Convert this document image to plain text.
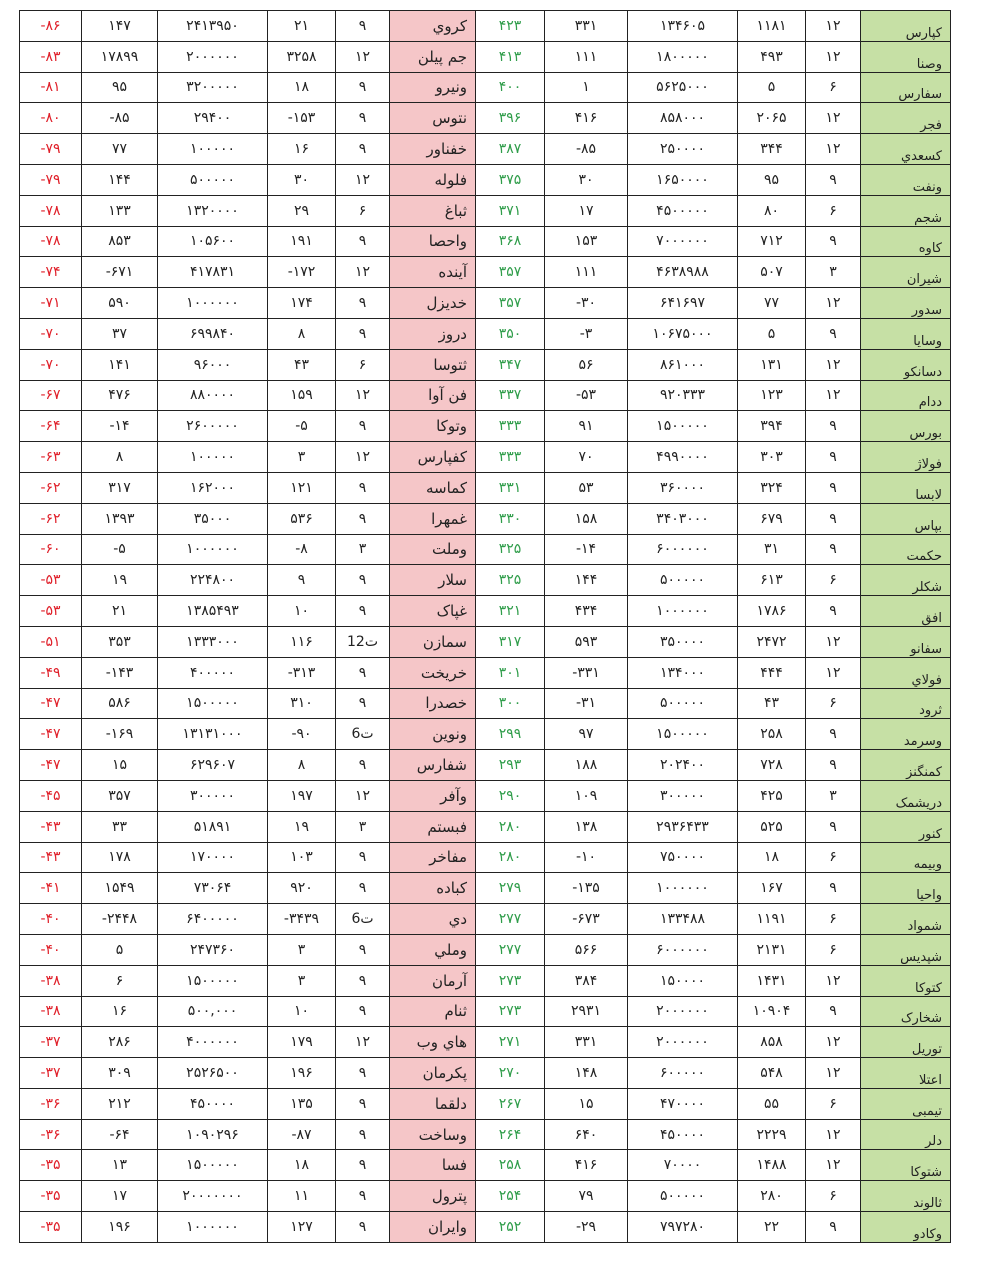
-۸۶	۱۴۷	۲۴۱۳۹۵۰	۲۱	۹	کروي	۴۲۳	۳۳۱	۱۳۴۶۰۵	۱۱۸۱	۱۲	کپارس
-۸۳	۱۷۸۹۹	۲۰۰۰۰۰۰	۳۲۵۸	۱۲	جم پیلن	۴۱۳	۱۱۱	۱۸۰۰۰۰۰	۴۹۳	۱۲	وصنا
-۸۱	۹۵	۳۲۰۰۰۰۰	۱۸	۹	ونیرو	۴۰۰	۱	۵۶۲۵۰۰۰	۵	۶	سفارس
-۸۰	-۸۵	۲۹۴۰۰	-۱۵۳	۹	نتوس	۳۹۶	۴۱۶	۸۵۸۰۰۰	۲۰۶۵	۱۲	فجر
-۷۹	۷۷	۱۰۰۰۰۰	۱۶	۹	خفناور	۳۸۷	-۸۵	۲۵۰۰۰۰	۳۴۴	۱۲	کسعدي
-۷۹	۱۴۴	۵۰۰۰۰۰	۳۰	۱۲	فلوله	۳۷۵	۳۰	۱۶۵۰۰۰۰	۹۵	۹	ونفت
-۷۸	۱۳۳	۱۳۲۰۰۰۰	۲۹	۶	ثباغ	۳۷۱	۱۷	۴۵۰۰۰۰۰	۸۰	۶	شجم
-۷۸	۸۵۳	۱۰۵۶۰۰	۱۹۱	۹	واحصا	۳۶۸	۱۵۳	۷۰۰۰۰۰۰	۷۱۲	۹	کاوه
-۷۴	-۶۷۱	۴۱۷۸۳۱	-۱۷۲	۱۲	آینده	۳۵۷	۱۱۱	۴۶۳۸۹۸۸	۵۰۷	۳	شیران
-۷۱	۵۹۰	۱۰۰۰۰۰۰	۱۷۴	۹	خدیزل	۳۵۷	-۳۰	۶۴۱۶۹۷	۷۷	۱۲	سدور
-۷۰	۳۷	۶۹۹۸۴۰	۸	۹	دروز	۳۵۰	-۳	۱۰۶۷۵۰۰۰	۵	۹	وسایا
-۷۰	۱۴۱	۹۶۰۰۰	۴۳	۶	ثتوسا	۳۴۷	۵۶	۸۶۱۰۰۰	۱۳۱	۱۲	دسانکو
-۶۷	۴۷۶	۸۸۰۰۰۰	۱۵۹	۱۲	فن آوا	۳۳۷	-۵۳	۹۲۰۳۳۳	۱۲۳	۱۲	ددام
-۶۴	-۱۴	۲۶۰۰۰۰۰	-۵	۹	وتوکا	۳۳۳	۹۱	۱۵۰۰۰۰۰	۳۹۴	۹	بورس
-۶۳	۸	۱۰۰۰۰۰	۳	۱۲	کفپارس	۳۳۳	۷۰	۴۹۹۰۰۰۰	۳۰۳	۹	فولاژ
-۶۲	۳۱۷	۱۶۲۰۰۰	۱۲۱	۹	کماسه	۳۳۱	۵۳	۳۶۰۰۰۰	۳۲۴	۹	لابسا
-۶۲	۱۳۹۳	۳۵۰۰۰	۵۳۶	۹	غمهرا	۳۳۰	۱۵۸	۳۴۰۳۰۰۰	۶۷۹	۹	بپاس
-۶۰	-۵	۱۰۰۰۰۰۰	-۸	۳	وملت	۳۲۵	-۱۴	۶۰۰۰۰۰۰	۳۱	۹	حکمت
-۵۳	۱۹	۲۲۴۸۰۰	۹	۹	سلار	۳۲۵	۱۴۴	۵۰۰۰۰۰	۶۱۳	۶	شکلر
-۵۳	۲۱	۱۳۸۵۴۹۳	۱۰	۹	غپاک	۳۲۱	۴۳۴	۱۰۰۰۰۰۰	۱۷۸۶	۹	افق
-۵۱	۳۵۳	۱۳۳۳۰۰۰	۱۱۶	12ت	سمازن	۳۱۷	۵۹۳	۳۵۰۰۰۰	۲۴۷۲	۱۲	سفانو
-۴۹	-۱۴۳	۴۰۰۰۰۰	-۳۱۳	۹	خریخت	۳۰۱	-۳۳۱	۱۳۴۰۰۰	۴۴۴	۱۲	فولاي
-۴۷	۵۸۶	۱۵۰۰۰۰۰	۳۱۰	۹	خصدرا	۳۰۰	-۳۱	۵۰۰۰۰۰	۴۳	۶	ثرود
-۴۷	-۱۶۹	۱۳۱۳۱۰۰۰	-۹۰	6ت	ونوین	۲۹۹	۹۷	۱۵۰۰۰۰۰	۲۵۸	۹	وسرمد
-۴۷	۱۵	۶۲۹۶۰۷	۸	۹	شفارس	۲۹۳	۱۸۸	۲۰۲۴۰۰	۷۲۸	۹	کمنگنز
-۴۵	۳۵۷	۳۰۰۰۰۰	۱۹۷	۱۲	وآفر	۲۹۰	۱۰۹	۳۰۰۰۰۰	۴۲۵	۳	دریشمک
-۴۳	۳۳	۵۱۸۹۱	۱۹	۳	فبستم	۲۸۰	۱۳۸	۲۹۳۶۴۳۳	۵۲۵	۹	کنور
-۴۳	۱۷۸	۱۷۰۰۰۰	۱۰۳	۹	مفاخر	۲۸۰	-۱۰	۷۵۰۰۰۰	۱۸	۶	وبیمه
-۴۱	۱۵۴۹	۷۳۰۶۴	۹۲۰	۹	کباده	۲۷۹	-۱۳۵	۱۰۰۰۰۰۰	۱۶۷	۹	واحیا
-۴۰	-۲۴۴۸	۶۴۰۰۰۰۰	-۳۴۳۹	6ت	دي	۲۷۷	-۶۷۳	۱۳۳۴۸۸	۱۱۹۱	۶	شمواد
-۴۰	۵	۲۴۷۳۶۰	۳	۹	وملي	۲۷۷	۵۶۶	۶۰۰۰۰۰۰	۲۱۳۱	۶	شپدیس
-۳۸	۶	۱۵۰۰۰۰۰	۳	۹	آرمان	۲۷۳	۳۸۴	۱۵۰۰۰۰	۱۴۳۱	۱۲	کتوکا
-۳۸	۱۶	۵۰۰,۰۰۰	۱۰	۹	ثنام	۲۷۳	۲۹۳۱	۲۰۰۰۰۰۰	۱۰۹۰۴	۹	شخارک
-۳۷	۲۸۶	۴۰۰۰۰۰۰	۱۷۹	۱۲	هاي وب	۲۷۱	۳۳۱	۲۰۰۰۰۰۰	۸۵۸	۱۲	توریل
-۳۷	۳۰۹	۲۵۲۶۵۰۰	۱۹۶	۹	پکرمان	۲۷۰	۱۴۸	۶۰۰۰۰۰	۵۴۸	۱۲	اعتلا
-۳۶	۲۱۲	۴۵۰۰۰۰	۱۳۵	۹	دلقما	۲۶۷	۱۵	۴۷۰۰۰۰	۵۵	۶	تیمبی
-۳۶	-۶۴	۱۰۹۰۲۹۶	-۸۷	۹	وساخت	۲۶۴	۶۴۰	۴۵۰۰۰۰	۲۲۲۹	۱۲	دلر
-۳۵	۱۳	۱۵۰۰۰۰۰	۱۸	۹	فسا	۲۵۸	۴۱۶	۷۰۰۰۰	۱۴۸۸	۱۲	شتوکا
-۳۵	۱۷	۲۰۰۰۰۰۰۰	۱۱	۹	پترول	۲۵۴	۷۹	۵۰۰۰۰۰	۲۸۰	۶	ثالوند
-۳۵	۱۹۶	۱۰۰۰۰۰۰	۱۲۷	۹	وایران	۲۵۲	-۲۹	۷۹۷۲۸۰	۲۲	۹	وکادو
